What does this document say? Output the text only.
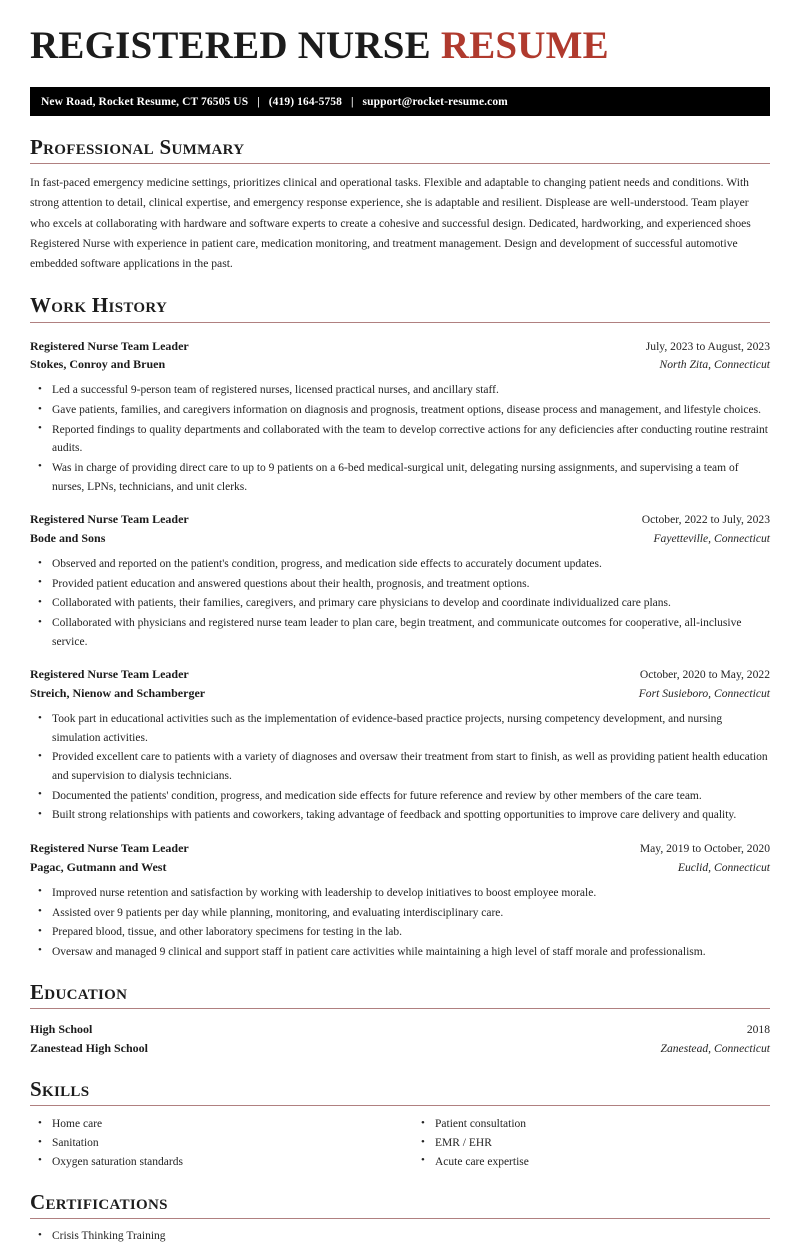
REGISTERED NURSE RESUME
New Road, Rocket Resume, CT 76505 US | (419) 164-5758 | support@rocket-resume.com
Professional Summary
In fast-paced emergency medicine settings, prioritizes clinical and operational tasks. Flexible and adaptable to changing patient needs and conditions. With strong attention to detail, clinical expertise, and emergency response experience, she is adaptable and resilient. Displease are well-understood. Team player who excels at collaborating with hardware and software experts to create a cohesive and successful design. Dedicated, hardworking, and experienced shoes Registered Nurse with experience in patient care, medication monitoring, and treatment management. Design and development of successful automotive embedded software applications in the past.
Work History
Registered Nurse Team Leader	July, 2023 to August, 2023
Stokes, Conroy and Bruen	North Zita, Connecticut
• Led a successful 9-person team of registered nurses, licensed practical nurses, and ancillary staff.
• Gave patients, families, and caregivers information on diagnosis and prognosis, treatment options, disease process and management, and lifestyle choices.
• Reported findings to quality departments and collaborated with the team to develop corrective actions for any deficiencies after conducting routine restraint audits.
• Was in charge of providing direct care to up to 9 patients on a 6-bed medical-surgical unit, delegating nursing assignments, and supervising a team of nurses, LPNs, technicians, and unit clerks.
Registered Nurse Team Leader	October, 2022 to July, 2023
Bode and Sons	Fayetteville, Connecticut
• Observed and reported on the patient's condition, progress, and medication side effects to accurately document updates.
• Provided patient education and answered questions about their health, prognosis, and treatment options.
• Collaborated with patients, their families, caregivers, and primary care physicians to develop and coordinate individualized care plans.
• Collaborated with physicians and registered nurse team leader to plan care, begin treatment, and communicate outcomes for cooperative, all-inclusive service.
Registered Nurse Team Leader	October, 2020 to May, 2022
Streich, Nienow and Schamberger	Fort Susieboro, Connecticut
• Took part in educational activities such as the implementation of evidence-based practice projects, nursing competency development, and nursing simulation activities.
• Provided excellent care to patients with a variety of diagnoses and oversaw their treatment from start to finish, as well as providing patient health education and supervision to dialysis technicians.
• Documented the patients' condition, progress, and medication side effects for future reference and review by other members of the care team.
• Built strong relationships with patients and coworkers, taking advantage of feedback and spotting opportunities to improve care delivery and quality.
Registered Nurse Team Leader	May, 2019 to October, 2020
Pagac, Gutmann and West	Euclid, Connecticut
• Improved nurse retention and satisfaction by working with leadership to develop initiatives to boost employee morale.
• Assisted over 9 patients per day while planning, monitoring, and evaluating interdisciplinary care.
• Prepared blood, tissue, and other laboratory specimens for testing in the lab.
• Oversaw and managed 9 clinical and support staff in patient care activities while maintaining a high level of staff morale and professionalism.
Education
High School	2018
Zanestead High School	Zanestead, Connecticut
Skills
• Home care
• Sanitation
• Oxygen saturation standards
• Patient consultation
• EMR / EHR
• Acute care expertise
Certifications
• Crisis Thinking Training
